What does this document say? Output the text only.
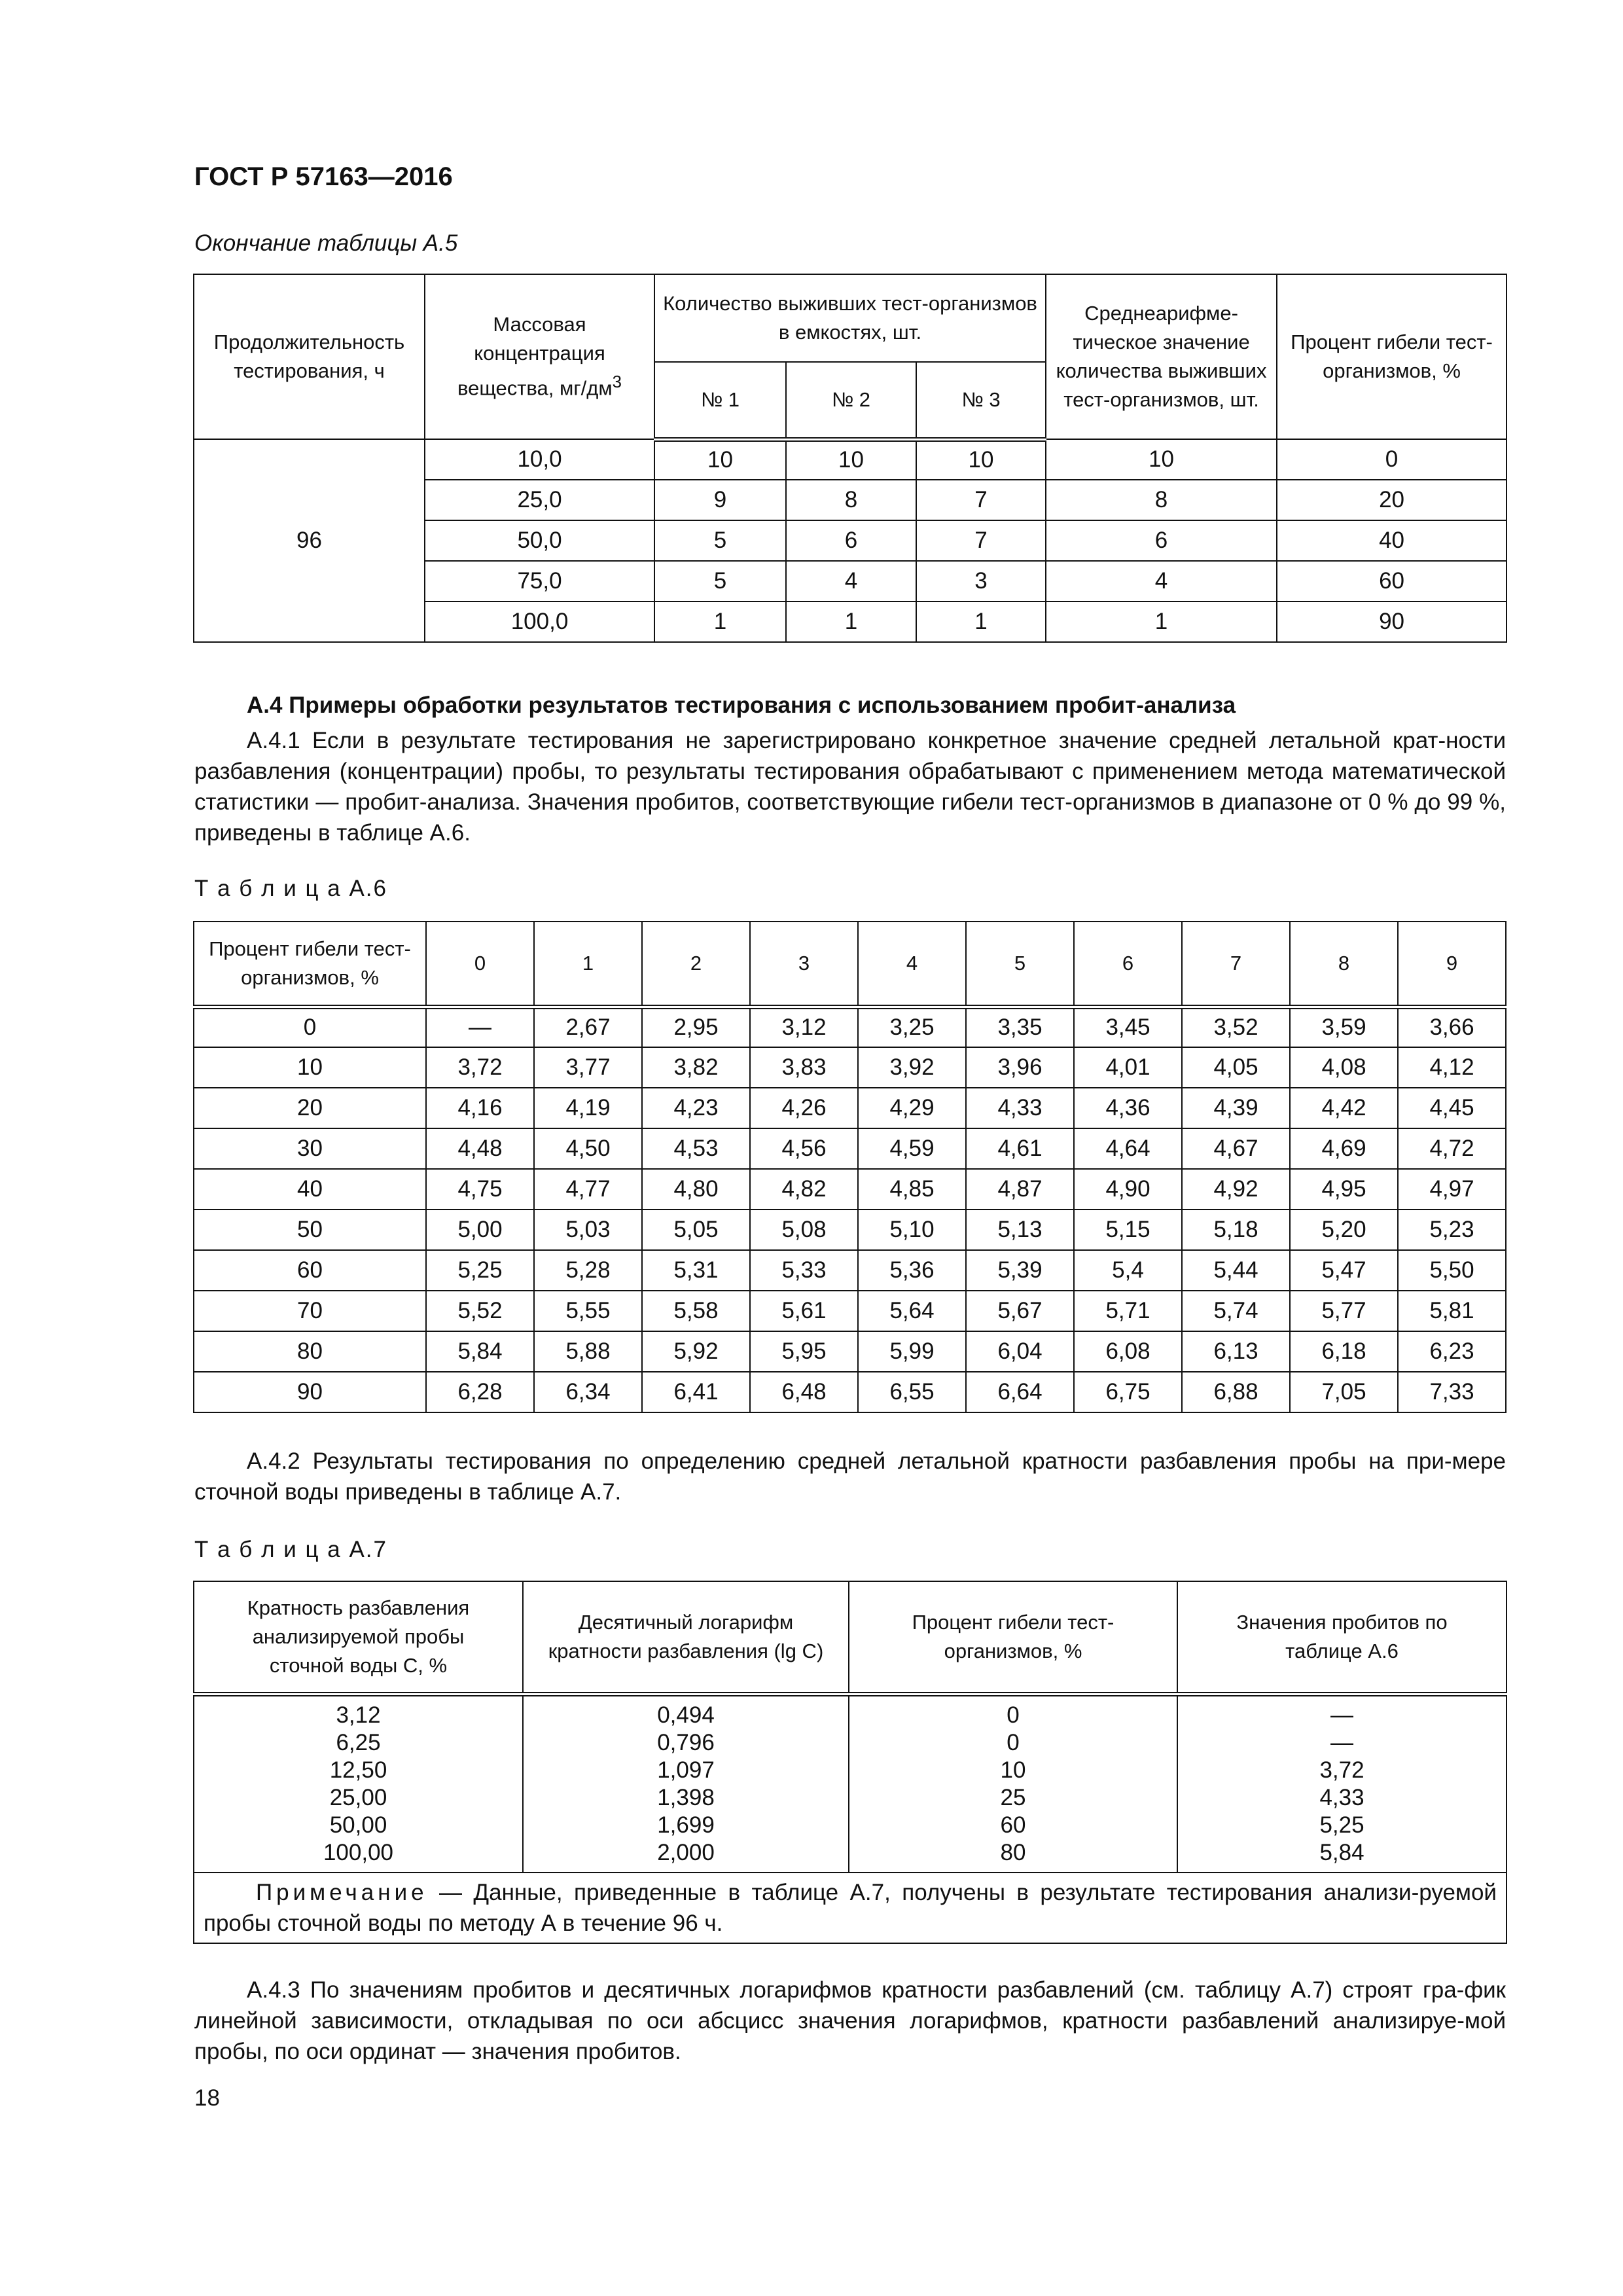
ГОСТ Р 57163—2016
Окончание таблицы А.5
Продолжительность тестирования, ч	Массовая концентрация вещества, $мг/дм^3$	Количество выживших тест-организмов в емкостях, шт.			Среднеарифме-тическое значение количества выживших тест-организмов, шт.	Процент гибели тест-организмов, %
		№ 1	№ 2	№ 3		
96	10,0	10	10	10	10	0
	25,0	9	8	7	8	20
	50,0	5	6	7	6	40
	75,0	5	4	3	4	60
	100,0	1	1	1	1	90
А.4 Примеры обработки результатов тестирования с использованием пробит-анализа
А.4.1 Если в результате тестирования не зарегистрировано конкретное значение средней летальной крат-ности разбавления (концентрации) пробы, то результаты тестирования обрабатывают с применением метода математической статистики — пробит-анализа. Значения пробитов, соответствующие гибели тест-организмов в диапазоне от 0 % до 99 %, приведены в таблице А.6.
Т а б л и ц а А.6
Процент гибели тест-организмов, %	0	1	2	3	4	5	6	7	8	9
0	—	2,67	2,95	3,12	3,25	3,35	3,45	3,52	3,59	3,66
10	3,72	3,77	3,82	3,83	3,92	3,96	4,01	4,05	4,08	4,12
20	4,16	4,19	4,23	4,26	4,29	4,33	4,36	4,39	4,42	4,45
30	4,48	4,50	4,53	4,56	4,59	4,61	4,64	4,67	4,69	4,72
40	4,75	4,77	4,80	4,82	4,85	4,87	4,90	4,92	4,95	4,97
50	5,00	5,03	5,05	5,08	5,10	5,13	5,15	5,18	5,20	5,23
60	5,25	5,28	5,31	5,33	5,36	5,39	5,4	5,44	5,47	5,50
70	5,52	5,55	5,58	5,61	5,64	5,67	5,71	5,74	5,77	5,81
80	5,84	5,88	5,92	5,95	5,99	6,04	6,08	6,13	6,18	6,23
90	6,28	6,34	6,41	6,48	6,55	6,64	6,75	6,88	7,05	7,33
А.4.2 Результаты тестирования по определению средней летальной кратности разбавления пробы на при-мере сточной воды приведены в таблице А.7.
Т а б л и ц а А.7
Кратность разбавления анализируемой пробы сточной воды С, %	Десятичный логарифм кратности разбавления (lg C)	Процент гибели тест-организмов, %	Значения пробитов по таблице А.6
3,12	0,494	0	—
6,25	0,796	0	—
12,50	1,097	10	3,72
25,00	1,398	25	4,33
50,00	1,699	60	5,25
100,00	2,000	80	5,84
Примечание — Данные, приведенные в таблице А.7, получены в результате тестирования анализи-руемой пробы сточной воды по методу А в течение 96 ч.			
А.4.3 По значениям пробитов и десятичных логарифмов кратности разбавлений (см. таблицу А.7) строят гра-фик линейной зависимости, откладывая по оси абсцисс значения логарифмов, кратности разбавлений анализируе-мой пробы, по оси ординат — значения пробитов.
18
